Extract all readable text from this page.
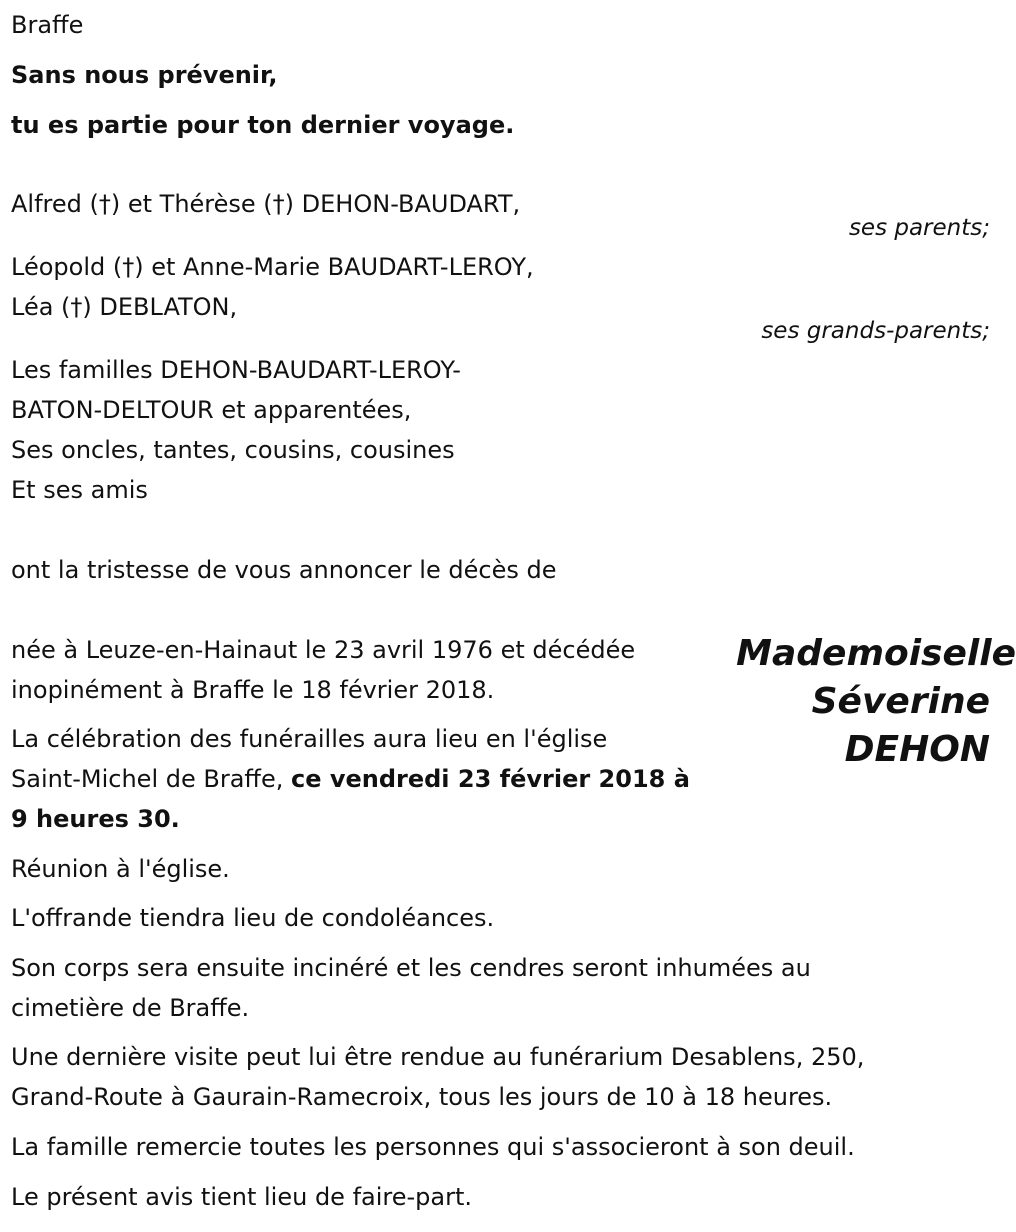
Braffe
Sans nous prévenir,
tu es partie pour ton dernier voyage.
Alfred (†) et Thérèse (†) DEHON-BAUDART,
ses parents;
Léopold (†) et Anne-Marie BAUDART-LEROY,
Léa (†) DEBLATON,
ses grands-parents;
Les familles DEHON-BAUDART-LEROY-
BATON-DELTOUR et apparentées,
Ses oncles, tantes, cousins, cousines
Et ses amis
ont la tristesse de vous annoncer le décès de
Mademoiselle
Séverine
DEHON
née à Leuze-en-Hainaut le 23 avril 1976 et décédée
inopinément à Braffe le 18 février 2018.
La célébration des funérailles aura lieu en l'église
Saint-Michel de Braffe, ce vendredi 23 février 2018 à
9 heures 30.
Réunion à l'église.
L'offrande tiendra lieu de condoléances.
Son corps sera ensuite incinéré et les cendres seront inhumées au
cimetière de Braffe.
Une dernière visite peut lui être rendue au funérarium Desablens, 250,
Grand-Route à Gaurain-Ramecroix, tous les jours de 10 à 18 heures.
La famille remercie toutes les personnes qui s'associeront à son deuil.
Le présent avis tient lieu de faire-part.
